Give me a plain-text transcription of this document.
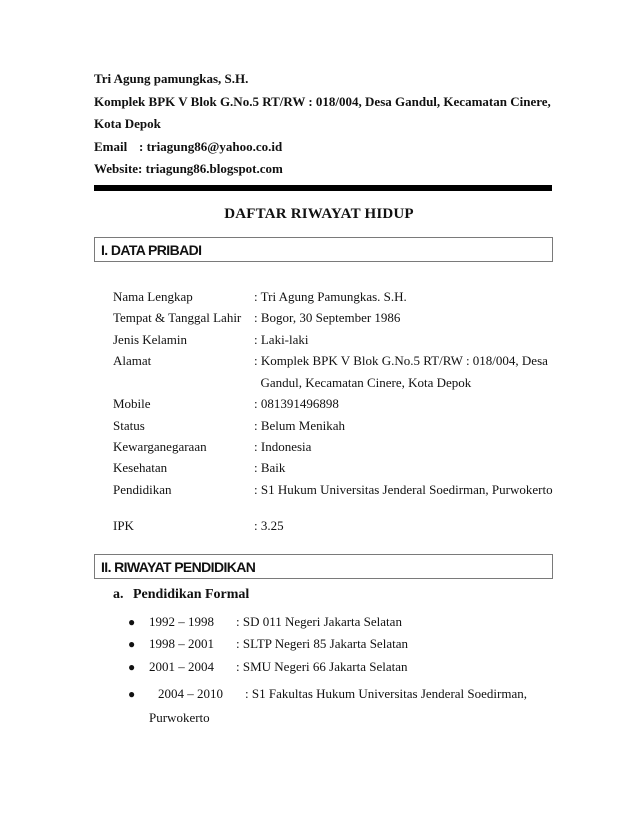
Tri Agung pamungkas, S.H.
Komplek BPK V Blok G.No.5 RT/RW : 018/004, Desa Gandul, Kecamatan Cinere,
Kota Depok
Email : triagung86@yahoo.co.id
Website: triagung86.blogspot.com
DAFTAR RIWAYAT HIDUP
I. DATA PRIBADI
Nama Lengkap	: Tri Agung Pamungkas. S.H.
Tempat & Tanggal Lahir : Bogor, 30 September 1986
Jenis Kelamin	: Laki-laki
Alamat	: Komplek BPK V Blok G.No.5 RT/RW : 018/004, Desa
Gandul, Kecamatan Cinere, Kota Depok
Mobile	: 081391496898
Status	: Belum Menikah
Kewarganegaraan	: Indonesia
Kesehatan	: Baik
Pendidikan	: S1 Hukum Universitas Jenderal Soedirman, Purwokerto
IPK	: 3.25
II. RIWAYAT PENDIDIKAN
a. Pendidikan Formal
● 1992 – 1998 : SD 011 Negeri Jakarta Selatan
● 1998 – 2001 : SLTP Negeri 85 Jakarta Selatan
● 2001 – 2004 : SMU Negeri 66 Jakarta Selatan
● 2004 – 2010 : S1 Fakultas Hukum Universitas Jenderal Soedirman,
Purwokerto
